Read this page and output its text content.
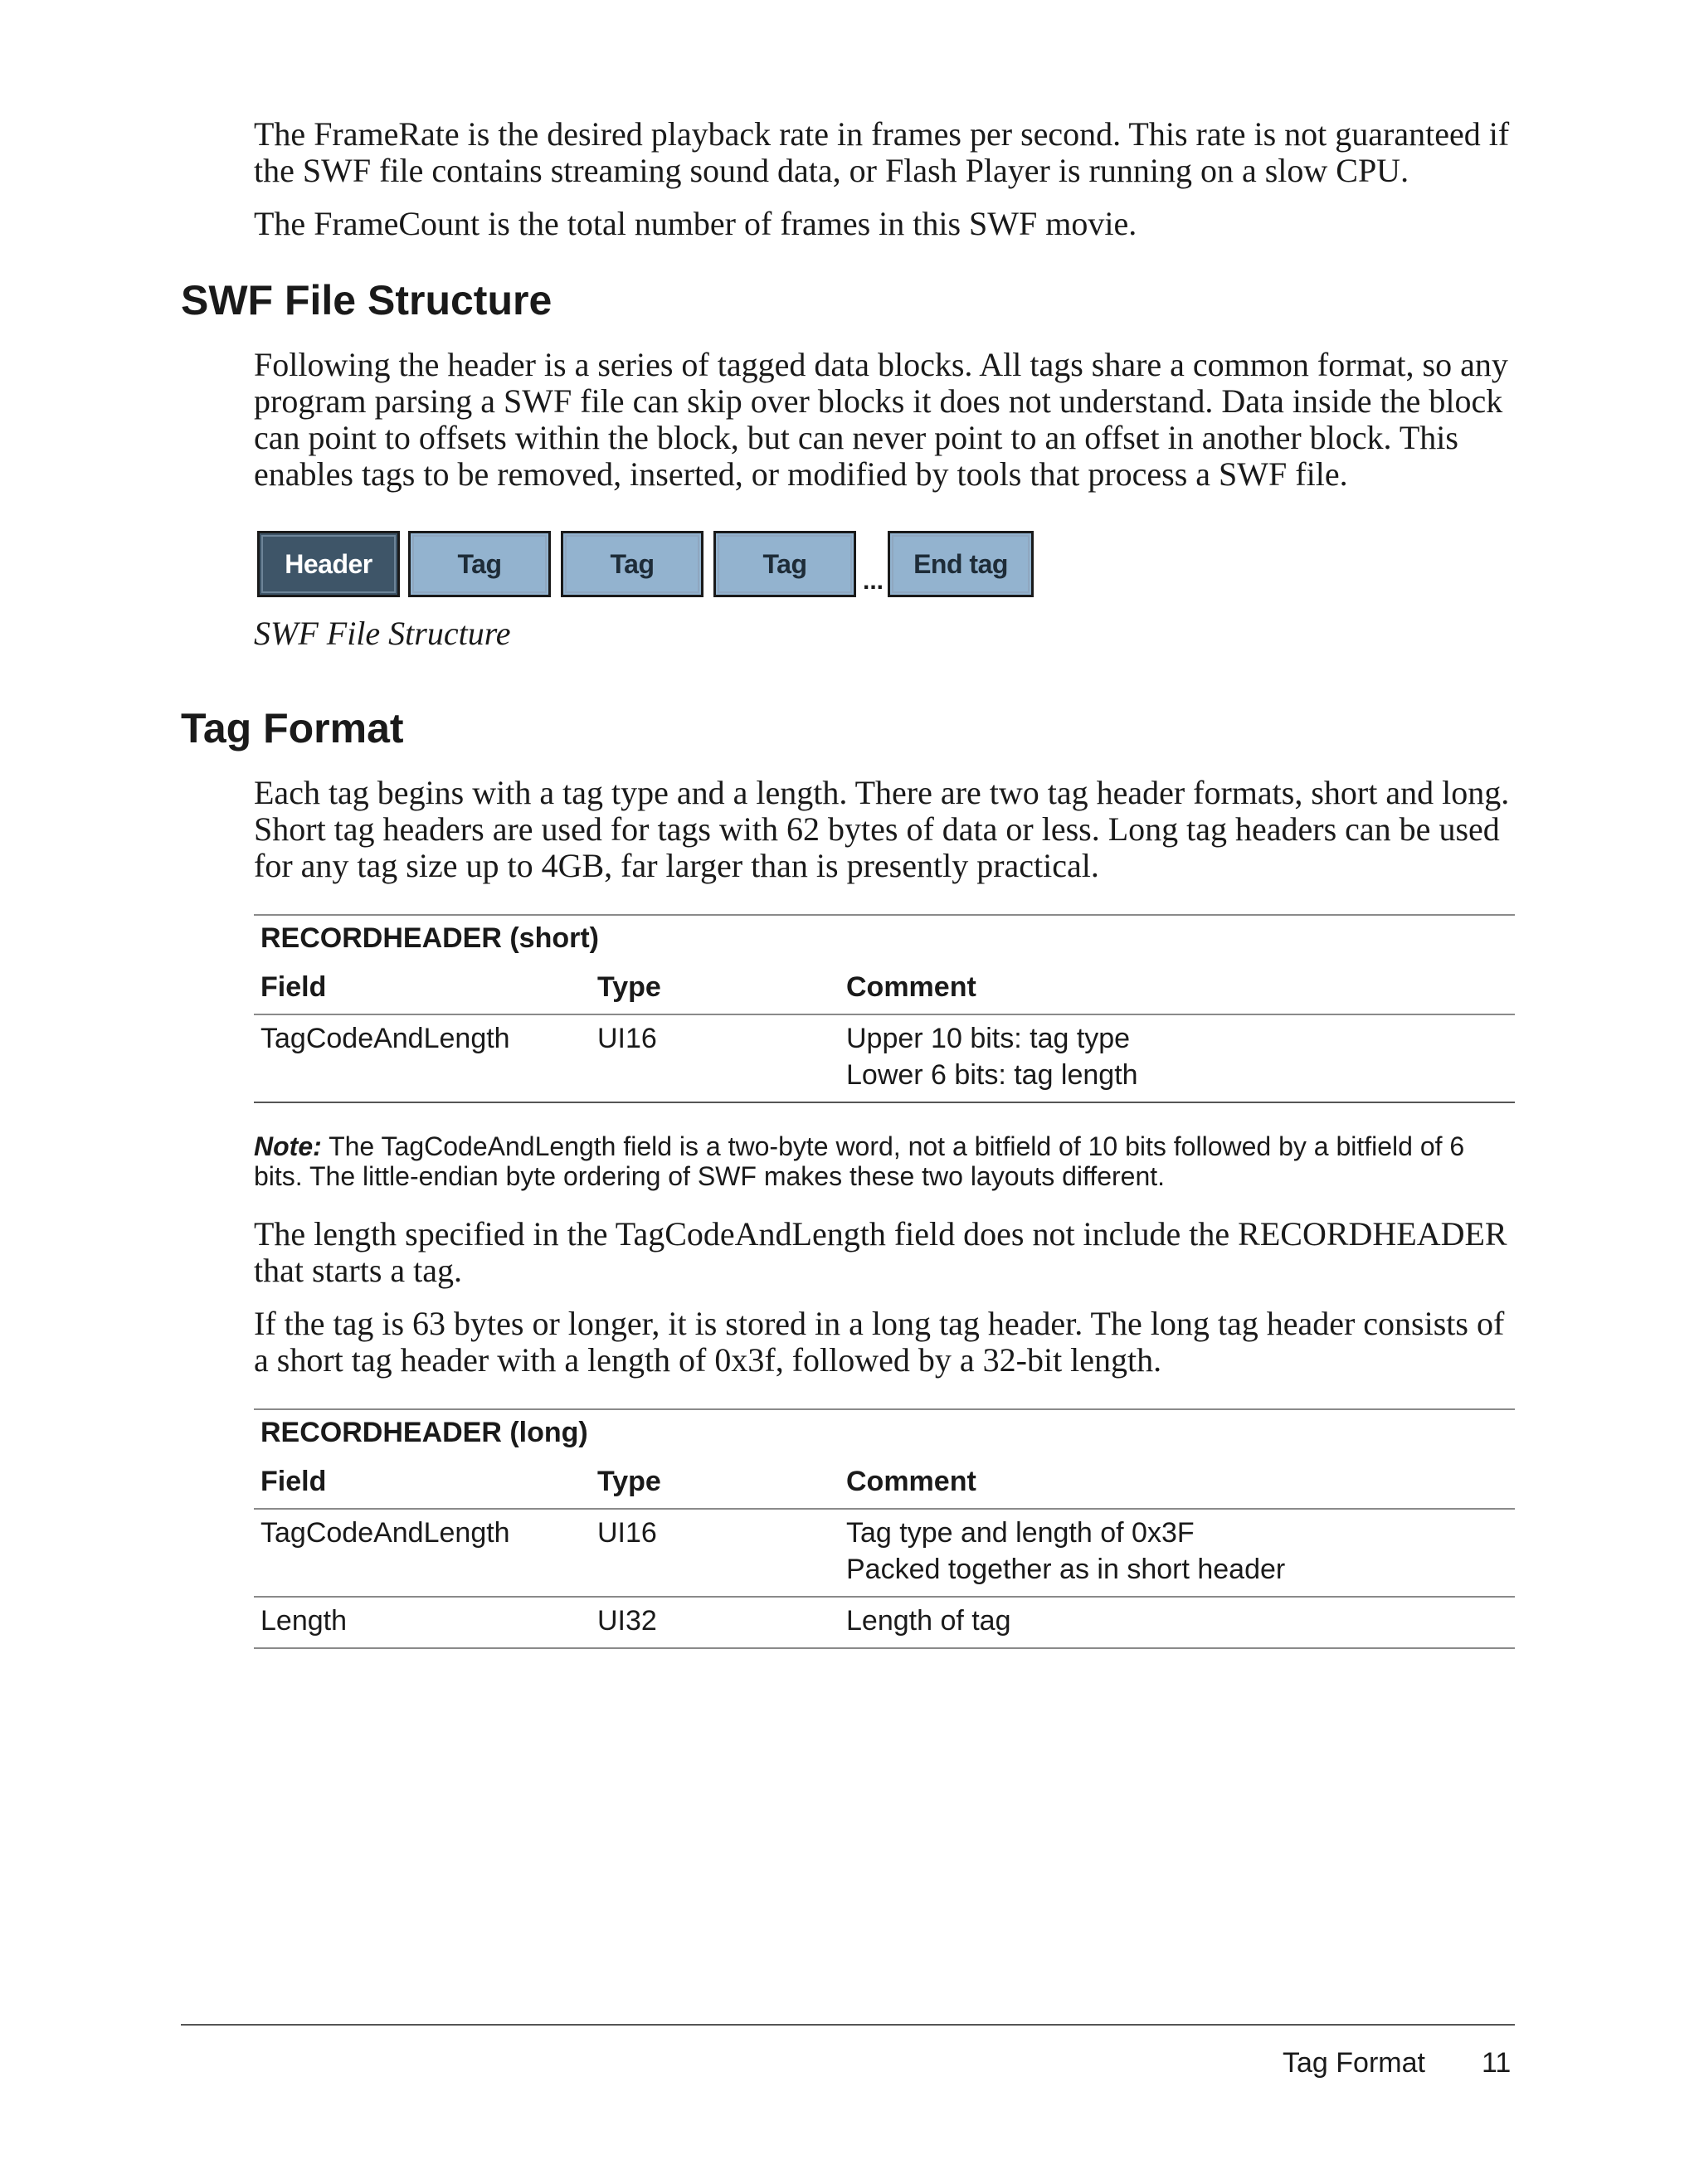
The FrameRate is the desired playback rate in frames per second. This rate is not guaranteed if the SWF file contains streaming sound data, or Flash Player is running on a slow CPU.
The FrameCount is the total number of frames in this SWF movie.
SWF File Structure
Following the header is a series of tagged data blocks. All tags share a common format, so any program parsing a SWF file can skip over blocks it does not understand. Data inside the block can point to offsets within the block, but can never point to an offset in another block. This enables tags to be removed, inserted, or modified by tools that process a SWF file.
Header	Tag	Tag	Tag
...
End tag
SWF File Structure
Tag Format
Each tag begins with a tag type and a length. There are two tag header formats, short and long. Short tag headers are used for tags with 62 bytes of data or less. Long tag headers can be used for any tag size up to 4GB, far larger than is presently practical.
RECORDHEADER (short)
Field	Type	Comment
TagCodeAndLength	UI16	Upper 10 bits: tag type
Lower 6 bits: tag length
Note: The TagCodeAndLength field is a two-byte word, not a bitfield of 10 bits followed by a bitfield of 6 bits. The little-endian byte ordering of SWF makes these two layouts different.
The length specified in the TagCodeAndLength field does not include the RECORDHEADER that starts a tag.
If the tag is 63 bytes or longer, it is stored in a long tag header. The long tag header consists of a short tag header with a length of 0x3f, followed by a 32-bit length.
RECORDHEADER (long)
Field	Type	Comment
TagCodeAndLength	UI16	Tag type and length of 0x3F
Packed together as in short header
Length	UI32	Length of tag
Tag Format 11
